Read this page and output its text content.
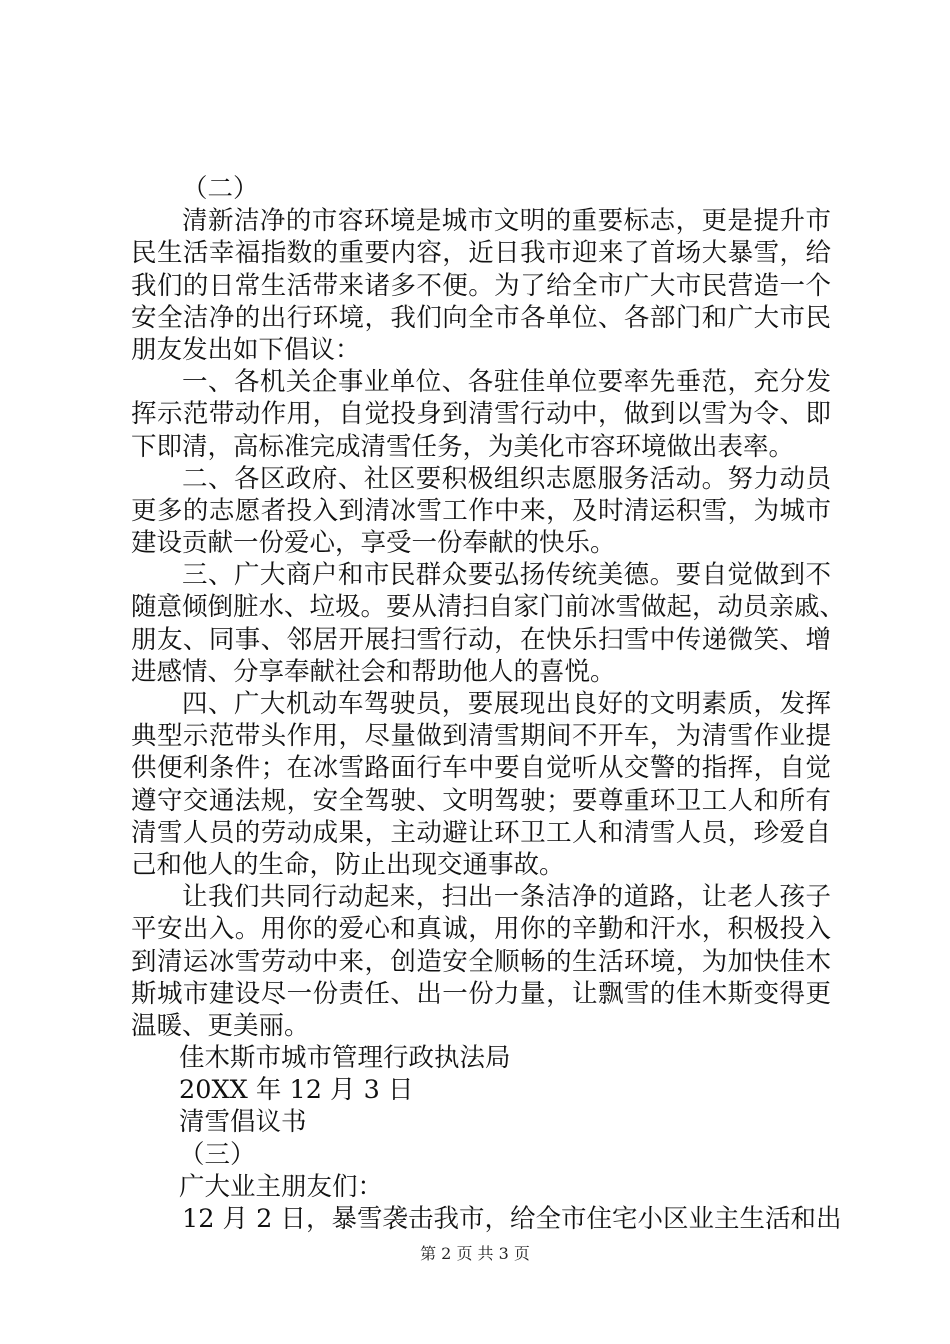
（二）
清新洁净的市容环境是城市文明的重要标志，更是提升市
民生活幸福指数的重要内容，近日我市迎来了首场大暴雪，给
我们的日常生活带来诸多不便。为了给全市广大市民营造一个
安全洁净的出行环境，我们向全市各单位、各部门和广大市民
朋友发出如下倡议：
一、各机关企事业单位、各驻佳单位要率先垂范，充分发
挥示范带动作用，自觉投身到清雪行动中，做到以雪为令、即
下即清，高标准完成清雪任务，为美化市容环境做出表率。
二、各区政府、社区要积极组织志愿服务活动。努力动员
更多的志愿者投入到清冰雪工作中来，及时清运积雪，为城市
建设贡献一份爱心，享受一份奉献的快乐。
三、广大商户和市民群众要弘扬传统美德。要自觉做到不
随意倾倒脏水、垃圾。要从清扫自家门前冰雪做起，动员亲戚、
朋友、同事、邻居开展扫雪行动，在快乐扫雪中传递微笑、增
进感情、分享奉献社会和帮助他人的喜悦。
四、广大机动车驾驶员，要展现出良好的文明素质，发挥
典型示范带头作用，尽量做到清雪期间不开车，为清雪作业提
供便利条件；在冰雪路面行车中要自觉听从交警的指挥，自觉
遵守交通法规，安全驾驶、文明驾驶；要尊重环卫工人和所有
清雪人员的劳动成果，主动避让环卫工人和清雪人员，珍爱自
己和他人的生命，防止出现交通事故。
让我们共同行动起来，扫出一条洁净的道路，让老人孩子
平安出入。用你的爱心和真诚，用你的辛勤和汗水，积极投入
到清运冰雪劳动中来，创造安全顺畅的生活环境，为加快佳木
斯城市建设尽一份责任、出一份力量，让飘雪的佳木斯变得更
温暖、更美丽。
佳木斯市城市管理行政执法局
20XX 年 12 月 3 日
清雪倡议书
（三）
广大业主朋友们：
12 月 2 日，暴雪袭击我市，给全市住宅小区业主生活和出
第 2 页 共 3 页
